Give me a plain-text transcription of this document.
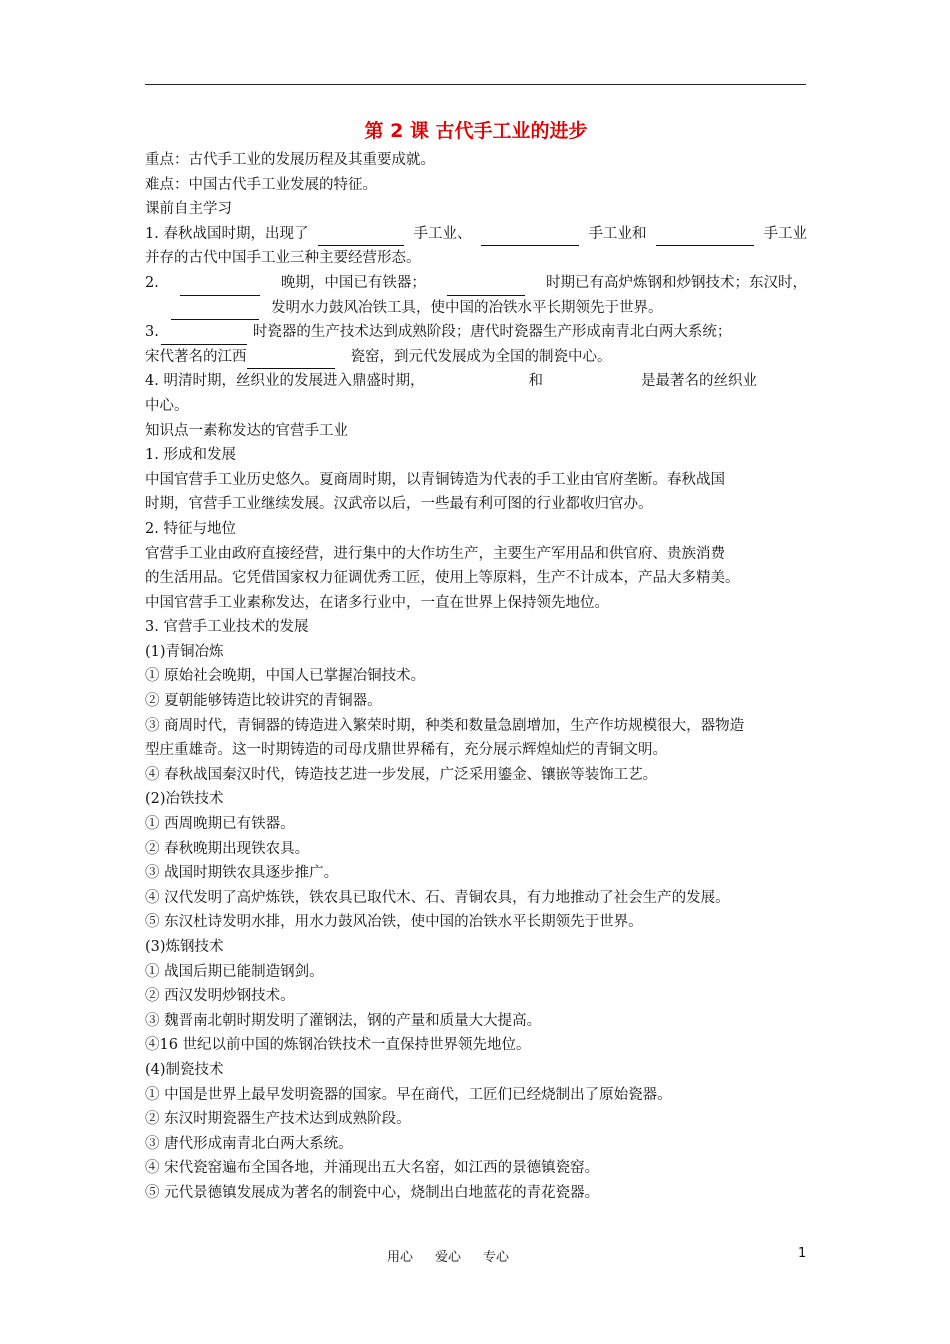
第 2 课 古代手工业的进步
重点：古代手工业的发展历程及其重要成就。
难点：中国古代手工业发展的特征。
课前自主学习
1. 春秋战国时期，出现了	手工业、	手工业和	手工业
并存的古代中国手工业三种主要经营形态。
2.	晚期，中国已有铁器；	时期已有高炉炼钢和炒钢技术；东汉时，
发明水力鼓风冶铁工具，使中国的冶铁水平长期领先于世界。
3.	时瓷器的生产技术达到成熟阶段；唐代时瓷器生产形成南青北白两大系统；
宋代著名的江西	瓷窑，到元代发展成为全国的制瓷中心。
4. 明清时期，丝织业的发展进入鼎盛时期，	和	是最著名的丝织业
中心。
知识点一素称发达的官营手工业
1. 形成和发展
中国官营手工业历史悠久。夏商周时期，以青铜铸造为代表的手工业由官府垄断。春秋战国
时期，官营手工业继续发展。汉武帝以后，一些最有利可图的行业都收归官办。
2. 特征与地位
官营手工业由政府直接经营，进行集中的大作坊生产，主要生产军用品和供官府、贵族消费
的生活用品。它凭借国家权力征调优秀工匠，使用上等原料，生产不计成本，产品大多精美。
中国官营手工业素称发达，在诸多行业中，一直在世界上保持领先地位。
3. 官营手工业技术的发展
(1)青铜冶炼
① 原始社会晚期，中国人已掌握冶铜技术。
② 夏朝能够铸造比较讲究的青铜器。
③ 商周时代，青铜器的铸造进入繁荣时期，种类和数量急剧增加，生产作坊规模很大，器物造
型庄重雄奇。这一时期铸造的司母戊鼎世界稀有，充分展示辉煌灿烂的青铜文明。
④ 春秋战国秦汉时代，铸造技艺进一步发展，广泛采用鎏金、镶嵌等装饰工艺。
(2)冶铁技术
① 西周晚期已有铁器。
② 春秋晚期出现铁农具。
③ 战国时期铁农具逐步推广。
④ 汉代发明了高炉炼铁，铁农具已取代木、石、青铜农具，有力地推动了社会生产的发展。
⑤ 东汉杜诗发明水排，用水力鼓风冶铁，使中国的冶铁水平长期领先于世界。
(3)炼钢技术
① 战国后期已能制造钢剑。
② 西汉发明炒钢技术。
③ 魏晋南北朝时期发明了灌钢法，钢的产量和质量大大提高。
④16 世纪以前中国的炼钢冶铁技术一直保持世界领先地位。
(4)制瓷技术
① 中国是世界上最早发明瓷器的国家。早在商代，工匠们已经烧制出了原始瓷器。
② 东汉时期瓷器生产技术达到成熟阶段。
③ 唐代形成南青北白两大系统。
④ 宋代瓷窑遍布全国各地，并涌现出五大名窑，如江西的景德镇瓷窑。
⑤ 元代景德镇发展成为著名的制瓷中心，烧制出白地蓝花的青花瓷器。
用心 爱心 专心	1
